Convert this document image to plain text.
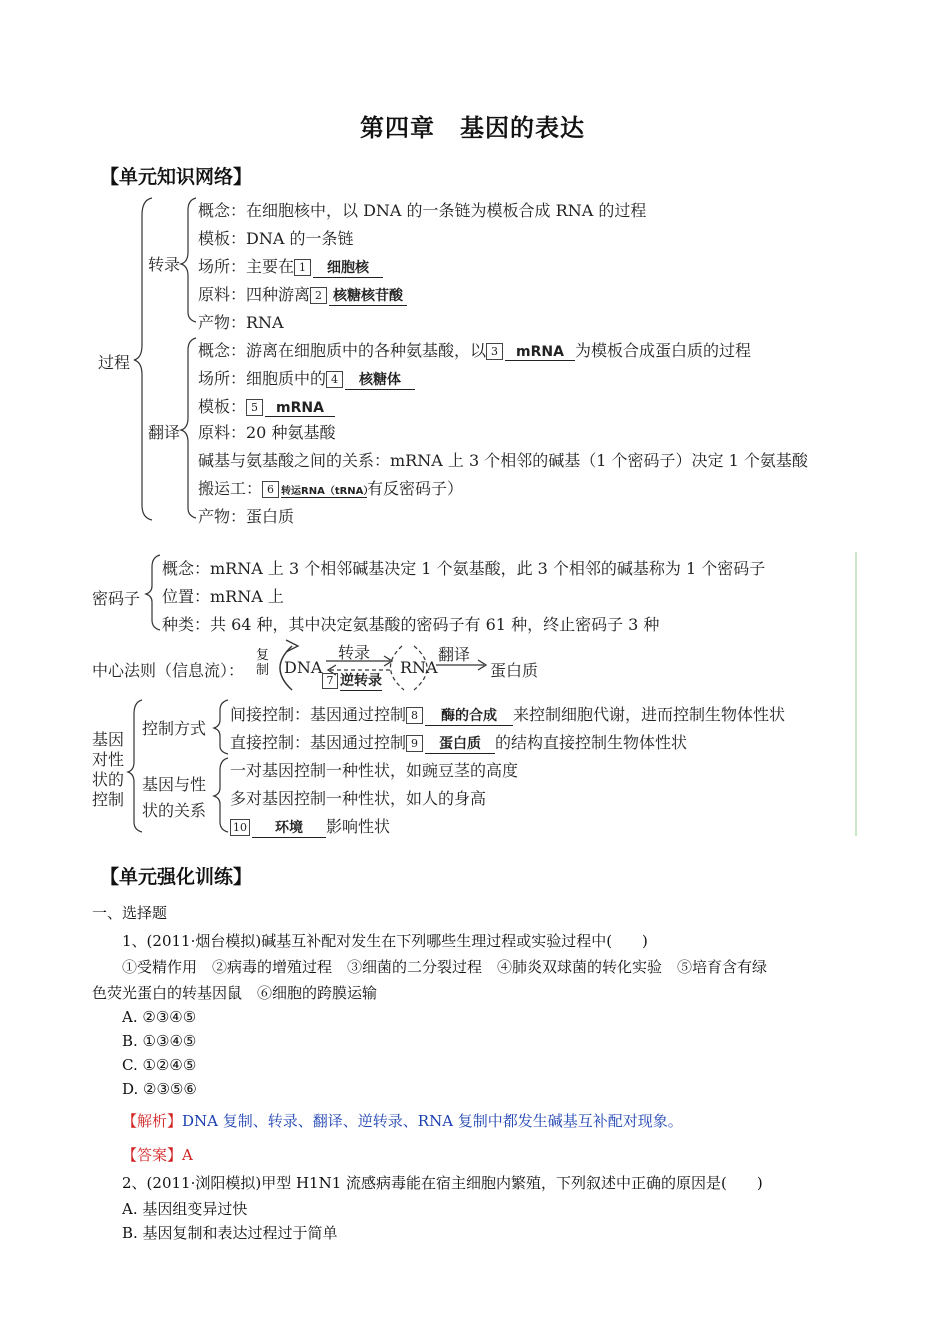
第四章　基因的表达
【单元知识网络】
过程
转录
概念：在细胞核中，以 DNA 的一条链为模板合成 RNA 的过程
模板：DNA 的一条链
场所：主要在 1 细胞核
原料：四种游离 2 核糖核苷酸
产物：RNA
翻译
概念：游离在细胞质中的各种氨基酸，以 3 mRNA 为模板合成蛋白质的过程
场所：细胞质中的 4 核糖体
模板： 5 mRNA
原料：20 种氨基酸
碱基与氨基酸之间的关系：mRNA 上 3 个相邻的碱基（1 个密码子）决定 1 个氨基酸
搬运工： 6 转运RNA（tRNA）有反密码子）
产物：蛋白质
密码子
概念：mRNA 上 3 个相邻碱基决定 1 个氨基酸，此 3 个相邻的碱基称为 1 个密码子
位置：mRNA 上
种类：共 64 种，其中决定氨基酸的密码子有 61 种，终止密码子 3 种
中心法则（信息流）：
复制 DNA
转录
7 逆转录
RNA
翻译
蛋白质
基因
对性
状的
控制
控制方式
间接控制：基因通过控制 8 酶的合成 来控制细胞代谢，进而控制生物体性状
直接控制：基因通过控制 9 蛋白质 的结构直接控制生物体性状
基因与性
状的关系
一对基因控制一种性状，如豌豆茎的高度
多对基因控制一种性状，如人的身高
10 环境 影响性状
【单元强化训练】
一、选择题
1、(2011·烟台模拟)碱基互补配对发生在下列哪些生理过程或实验过程中(　　)
①受精作用　②病毒的增殖过程　③细菌的二分裂过程　④肺炎双球菌的转化实验　⑤培育含有绿
色荧光蛋白的转基因鼠　⑥细胞的跨膜运输
A. ②③④⑤
B. ①③④⑤
C. ①②④⑤
D. ②③⑤⑥
【解析】DNA 复制、转录、翻译、逆转录、RNA 复制中都发生碱基互补配对现象。
【答案】A
2、(2011·浏阳模拟)甲型 H1N1 流感病毒能在宿主细胞内繁殖，下列叙述中正确的原因是(　　)
A. 基因组变异过快
B. 基因复制和表达过程过于简单
